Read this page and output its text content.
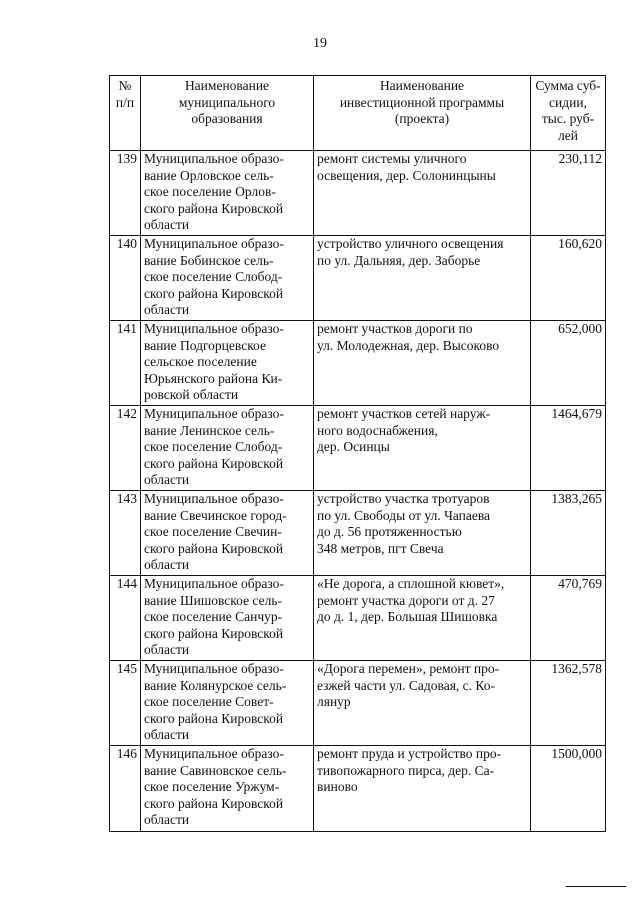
19
№
п/п	Наименование
муниципального
образования	Наименование
инвестиционной программы
(проекта)	Сумма суб-
сидии,
тыс. руб-
лей
139	Муниципальное образо-
вание Орловское сель-
ское поселение Орлов-
ского района Кировской
области	ремонт системы уличного
освещения, дер. Солонинцыны	230,112
140	Муниципальное образо-
вание Бобинское сель-
ское поселение Слобод-
ского района Кировской
области	устройство уличного освещения
по ул. Дальняя, дер. Заборье	160,620
141	Муниципальное образо-
вание Подгорцевское
сельское поселение
Юрьянского района Ки-
ровской области	ремонт участков дороги по
ул. Молодежная, дер. Высоково	652,000
142	Муниципальное образо-
вание Ленинское сель-
ское поселение Слобод-
ского района Кировской
области	ремонт участков сетей наруж-
ного водоснабжения,
дер. Осинцы	1464,679
143	Муниципальное образо-
вание Свечинское город-
ское поселение Свечин-
ского района Кировской
области	устройство участка тротуаров
по ул. Свободы от ул. Чапаева
до д. 56 протяженностью
348 метров, пгт Свеча	1383,265
144	Муниципальное образо-
вание Шишовское сель-
ское поселение Санчур-
ского района Кировской
области	«Не дорога, а сплошной кювет»,
ремонт участка дороги от д. 27
до д. 1, дер. Большая Шишовка	470,769
145	Муниципальное образо-
вание Колянурское сель-
ское поселение Совет-
ского района Кировской
области	«Дорога перемен», ремонт про-
езжей части ул. Садовая, с. Ко-
лянур	1362,578
146	Муниципальное образо-
вание Савиновское сель-
ское поселение Уржум-
ского района Кировской
области	ремонт пруда и устройство про-
тивопожарного пирса, дер. Са-
виново	1500,000
